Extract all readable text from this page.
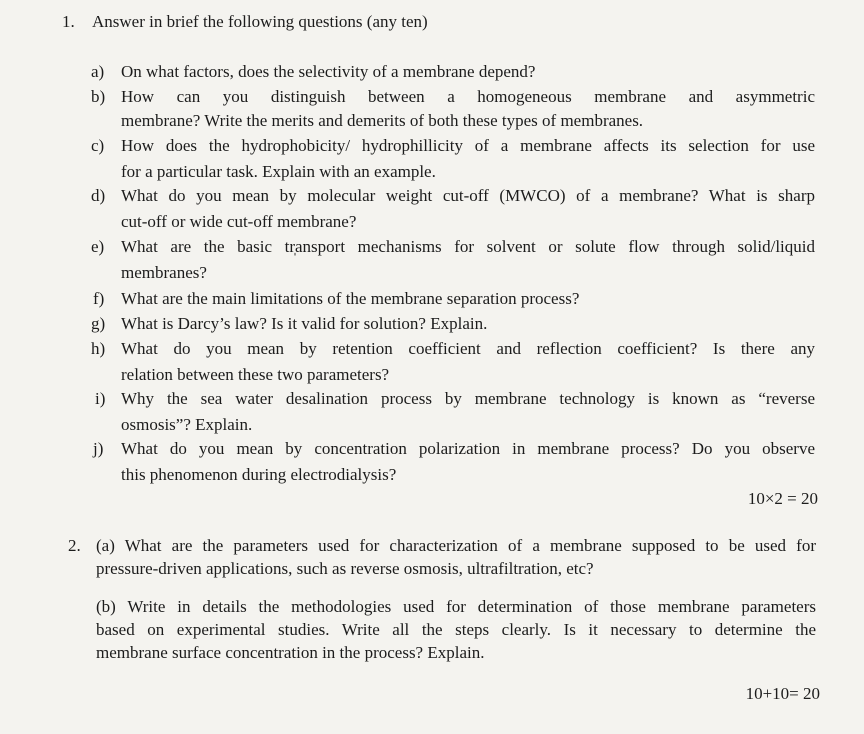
1. Answer in brief the following questions (any ten)
a) On what factors, does the selectivity of a membrane depend?
b) How can you distinguish between a homogeneous membrane and asymmetric
membrane? Write the merits and demerits of both these types of membranes.
c) How does the hydrophobicity/ hydrophillicity of a membrane affects its selection for use
for a particular task. Explain with an example.
d) What do you mean by molecular weight cut-off (MWCO) of a membrane? What is sharp
cut-off or wide cut-off membrane?
e) What are the basic tr̩ansport mechanisms for solvent or solute flow through solid/liquid
membranes?
f) What are the main limitations of the membrane separation process?
g) What is Darcy’s law? Is it valid for solution? Explain.
h) What do you mean by retention coefficient and reflection coefficient? Is there any
relation between these two parameters?
i) Why the sea water desalination process by membrane technology is known as “reverse
osmosis”? Explain.
j) What do you mean by concentration polarization in membrane process? Do you observe
this phenomenon during electrodialysis?
10×2 = 20
2. (a) What are the parameters used for characterization of a membrane supposed to be used for
pressure-driven applications, such as reverse osmosis, ultrafiltration, etc?
(b) Write in details the methodologies used for determination of those membrane parameters
based on experimental studies. Write all the steps clearly. Is it necessary to determine the
membrane surface concentration in the process? Explain.
10+10= 20
